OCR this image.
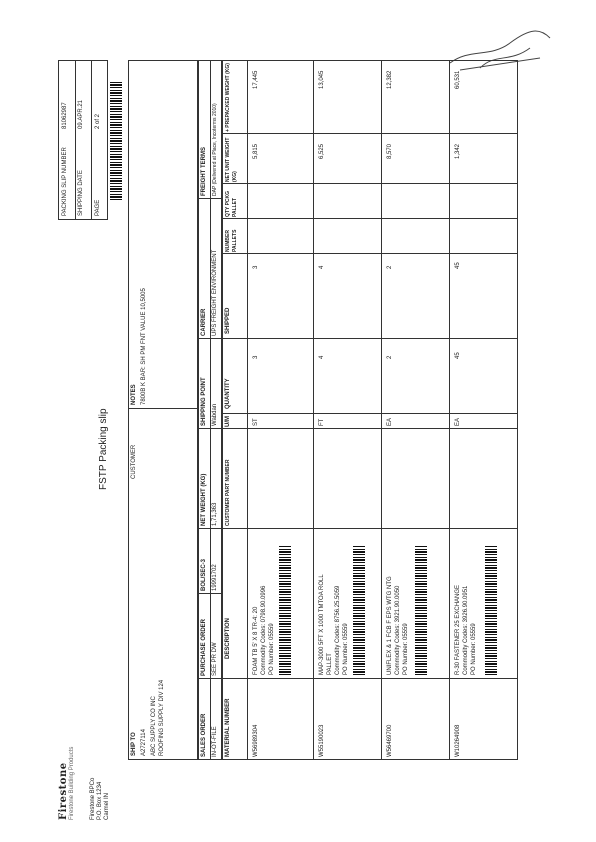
Firestone Firestone Building Products	Firestone BPCo P.O. Box 1234 Carmel IN
FSTP Packing slip
PACKING SLIP NUMBER
81062987
SHIPPING DATE
09.APR.21
PAGE
2 of 2
SHIP TO A2727114 ABC SUPPLY CO INC ROOFING SUPPLY DIV 124
CUSTOMER
NOTES 7800B K BAR: SH PM FNT VALUE 10,5005
SALES ORDER IN-OT-FILE
PURCHASE ORDER SEE PR DW
BOL/SEC-3 19991702
NET WEIGHT (KG) 1,71,363
SHIPPING POINT Wabdan
CARRIER UPS FREIGHT ENVIRONMENT
FREIGHT TERMS DAP (Delivered at Place, Incoterms 2010)
MATERIAL NUMBER
DESCRIPTION
CUSTOMER PART NUMBER
U/M
QUANTITY
SHIPPED
NUMBER PALLETS
QTY PCKG PALLET
NET UNIT WEIGHT (KG)
+ PREPACKED WEIGHT (KG)
W56989304
FOAM TB 5' X 8 TR-4: 20 Commodity Codes: 0798.90.0996 PO Number: 05559
ST
3
3
5,815
17,445
W55190023
MAP-3000 5FT X 1000 TMTOA ROLL PALLET Commodity Codes: 8756.25.5059 PO Number: 05559
FT
4
4
6,525
13,045
W56469700
UNIFLEX & 1 FCB F EPS WTG NTG Commodity Codes: 3921.90.0050 PO Number: 05559
EA
2
2
8,570
12,382
W10264908
R-30 FASTENER 25 EXCHANGE Commodity Codes: 3926.90.0951 PO Number: 05559
EA
45
45
1,342
60,531
